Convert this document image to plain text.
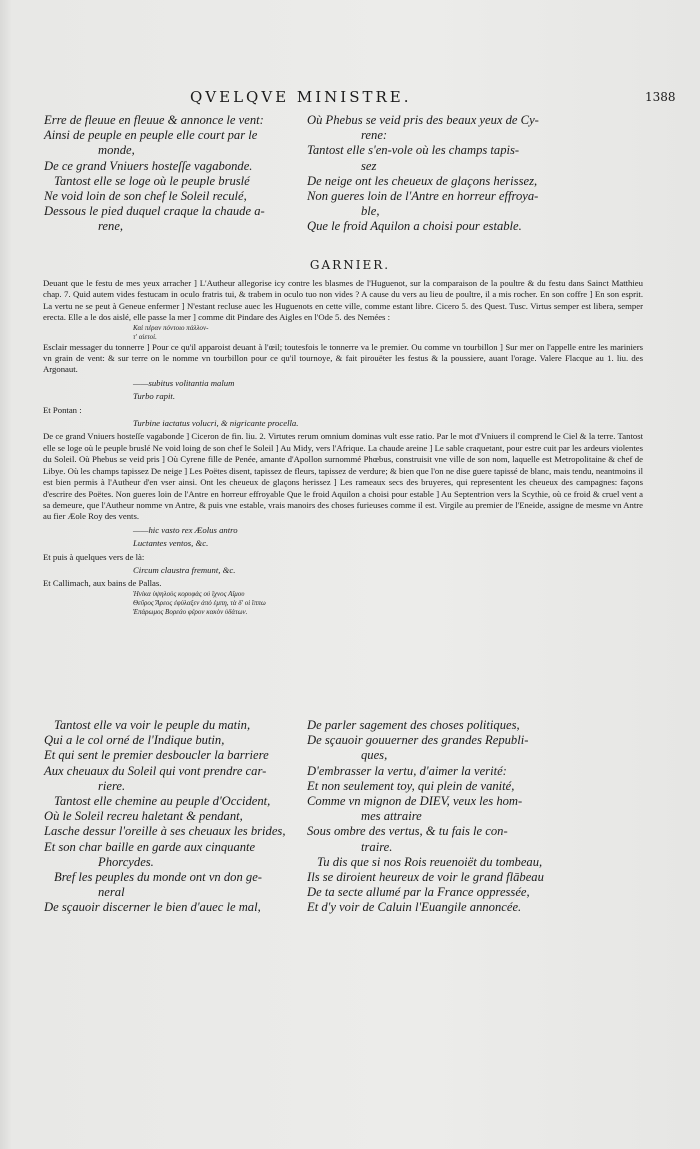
QVELQVE MINISTRE.	1388
Erre de fleuue en fleuue & annonce le vent:
Ainsi de peuple en peuple elle court par le
monde,
De ce grand Vniuers hosteſſe vagabonde.
Tantost elle se loge où le peuple bruslé
Ne void loin de son chef le Soleil reculé,
Dessous le pied duquel craque la chaude a-
rene,
Où Phebus se veid pris des beaux yeux de Cy-
rene:
Tantost elle s'en-vole où les champs tapis-
sez
De neige ont les cheueux de glaçons herissez,
Non gueres loin de l'Antre en horreur effroya-
ble,
Que le froid Aquilon a choisi pour estable.
GARNIER.

Deuant que le festu de mes yeux arracher ] L'Autheur allegorise icy contre les blasmes de l'Huguenot, sur la comparaison de la poultre & du festu dans Sainct Matthieu chap. 7. Quid autem vides festucam in oculo fratris tui, & trabem in oculo tuo non vides ? A cause du vers au lieu de poultre, il a mis rocher. En son coffre ] En son esprit. La vertu ne se peut à Geneue enfermer ] N'estant recluse auec les Huguenots en cette ville, comme estant libre. Cicero 5. des Quest. Tusc. Virtus semper est libera, semper erecta. Elle a le dos aislé, elle passe la mer ] comme dit Pindare des Aigles en l'Ode 5. des Nemées :

Καὶ πέραν πόντοιο πάλλον-
τ' αἰετοί.

Esclair messager du tonnerre ] Pour ce qu'il apparoist deuant à l'œil; toutesfois le tonnerre va le premier. Ou comme vn tourbillon ] Sur mer on l'appelle entre les mariniers vn grain de vent: & sur terre on le nomme vn tourbillon pour ce qu'il tournoye, & fait pirouëter les festus & la poussiere, auant l'orage. Valere Flacque au 1. liu. des Argonaut.

——subitus volitantia malum
Turbo rapit.
Et Pontan :
Turbine iactatus volucri, & nigricante procella.

De ce grand Vniuers hosteſſe vagabonde ] Ciceron de fin. liu. 2. Virtutes rerum omnium dominas vult esse ratio. Par le mot d'Vniuers il comprend le Ciel & la terre. Tantost elle se loge où le peuple bruslé Ne void loing de son chef le Soleil ] Au Midy, vers l'Afrique. La chaude areine ] Le sable craquetant, pour estre cuit par les ardeurs violentes du Soleil. Où Phebus se veid pris ] Où Cyrene fille de Penée, amante d'Apollon surnommé Phœbus, construisit vne ville de son nom, laquelle est Metropolitaine & chef de Libye. Où les champs tapissez De neige ] Les Poëtes disent, tapissez de fleurs, tapissez de verdure; & bien que l'on ne dise guere tapissé de blanc, mais tendu, neantmoins il est bien permis à l'Autheur d'en vser ainsi. Ont les cheueux de glaçons herissez ] Les rameaux secs des bruyeres, qui representent les cheueux des campagnes: façons d'escrire des Poëtes. Non gueres loin de l'Antre en horreur effroyable Que le froid Aquilon a choisi pour estable ] Au Septentrion vers la Scythie, où ce froid & cruel vent a sa demeure, que l'Autheur nomme vn Antre, & puis vne estable, vrais manoirs des choses furieuses comme il est. Virgile au premier de l'Eneide, assigne de mesme vn Antre au fier Æole Roy des vents.

——hic vasto rex Æolus antro
Luctantes ventos, &c.
Et puis à quelques vers de là:
Circum claustra fremunt, &c.
Et Callimach, aux bains de Pallas.
Ἡνίκα ὑψηλοὺς κορυφὰς οὐ ἴχνος Αἴμου
Θεῦρος Ἄρεος ἐφύλαξεν ἀπὸ ἐμπη, τὰ δ' οἱ ἵππω
Ἐπάρωμος Βορεάο φέρον κακὸν ὑδάτων.
Tantost elle va voir le peuple du matin,
Qui a le col orné de l'Indique butin,
Et qui sent le premier desboucler la barriere
Aux cheuaux du Soleil qui vont prendre car-
riere.
Tantost elle chemine au peuple d'Occident,
Où le Soleil recreu haletant & pendant,
Lasche dessur l'oreille à ses cheuaux les brides,
Et son char baille en garde aux cinquante
Phorcydes.
Bref les peuples du monde ont vn don ge-
neral
De sçauoir discerner le bien d'auec le mal,
De parler sagement des choses politiques,
De sçauoir gouuerner des grandes Republi-
ques,
D'embrasser la vertu, d'aimer la verité:
Et non seulement toy, qui plein de vanité,
Comme vn mignon de DIEV, veux les hom-
mes attraire
Sous ombre des vertus, & tu fais le con-
traire.
Tu dis que si nos Rois reuenoiët du tombeau,
Ils se diroient heureux de voir le grand flābeau
De ta secte allumé par la France oppressée,
Et d'y voir de Caluin l'Euangile annoncée.
